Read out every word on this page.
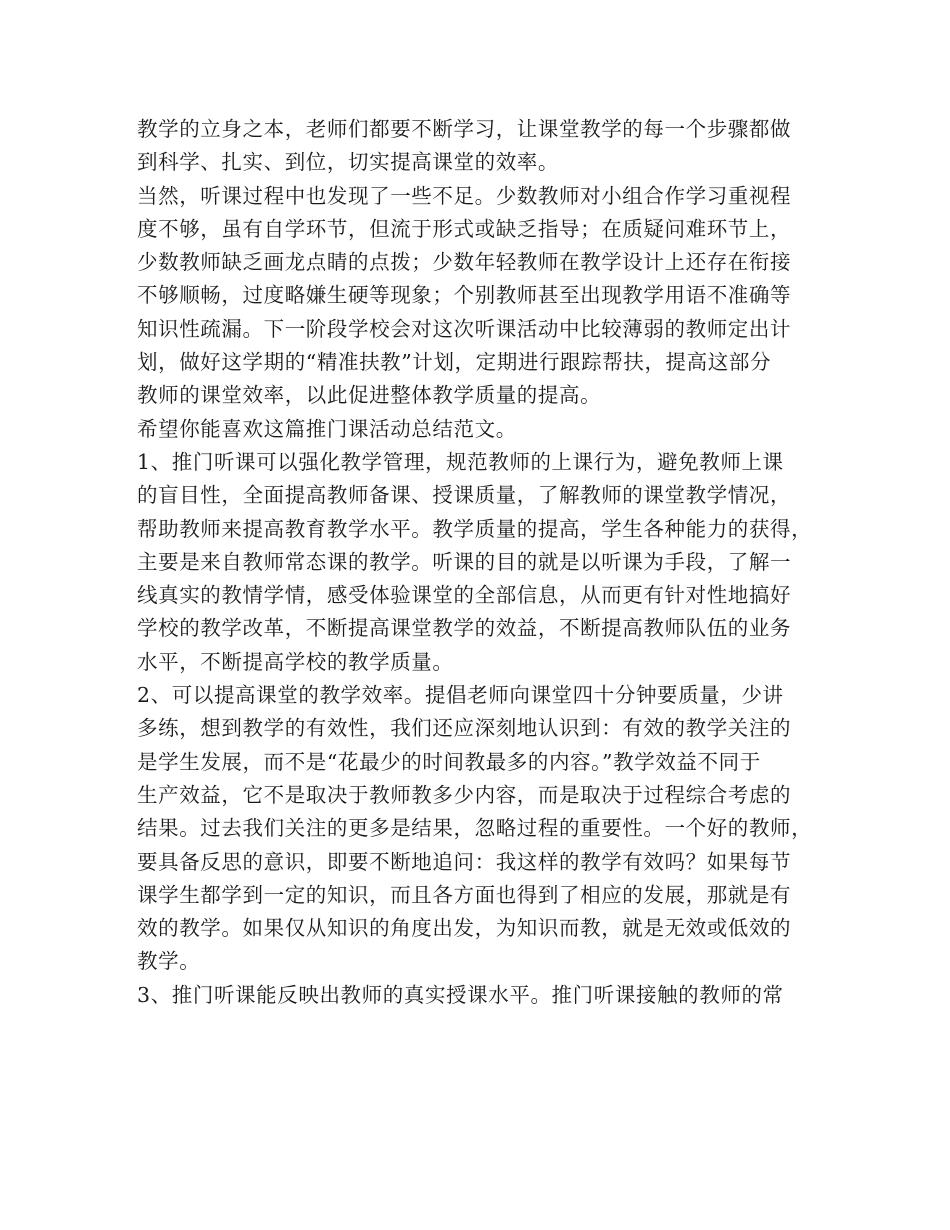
教学的立身之本，老师们都要不断学习，让课堂教学的每一个步骤都做
到科学、扎实、到位，切实提高课堂的效率。
当然，听课过程中也发现了一些不足。少数教师对小组合作学习重视程
度不够，虽有自学环节，但流于形式或缺乏指导；在质疑问难环节上，
少数教师缺乏画龙点睛的点拨；少数年轻教师在教学设计上还存在衔接
不够顺畅，过度略嫌生硬等现象；个别教师甚至出现教学用语不准确等
知识性疏漏。下一阶段学校会对这次听课活动中比较薄弱的教师定出计
划，做好这学期的“精准扶教”计划，定期进行跟踪帮扶，提高这部分
教师的课堂效率，以此促进整体教学质量的提高。
希望你能喜欢这篇推门课活动总结范文。
1、推门听课可以强化教学管理，规范教师的上课行为，避免教师上课
的盲目性，全面提高教师备课、授课质量，了解教师的课堂教学情况，
帮助教师来提高教育教学水平。教学质量的提高，学生各种能力的获得，
主要是来自教师常态课的教学。听课的目的就是以听课为手段，了解一
线真实的教情学情，感受体验课堂的全部信息，从而更有针对性地搞好
学校的教学改革，不断提高课堂教学的效益，不断提高教师队伍的业务
水平，不断提高学校的教学质量。
2、可以提高课堂的教学效率。提倡老师向课堂四十分钟要质量，少讲
多练，想到教学的有效性，我们还应深刻地认识到：有效的教学关注的
是学生发展，而不是“花最少的时间教最多的内容。”教学效益不同于
生产效益，它不是取决于教师教多少内容，而是取决于过程综合考虑的
结果。过去我们关注的更多是结果，忽略过程的重要性。一个好的教师，
要具备反思的意识，即要不断地追问：我这样的教学有效吗？如果每节
课学生都学到一定的知识，而且各方面也得到了相应的发展，那就是有
效的教学。如果仅从知识的角度出发，为知识而教，就是无效或低效的
教学。
3、推门听课能反映出教师的真实授课水平。推门听课接触的教师的常
